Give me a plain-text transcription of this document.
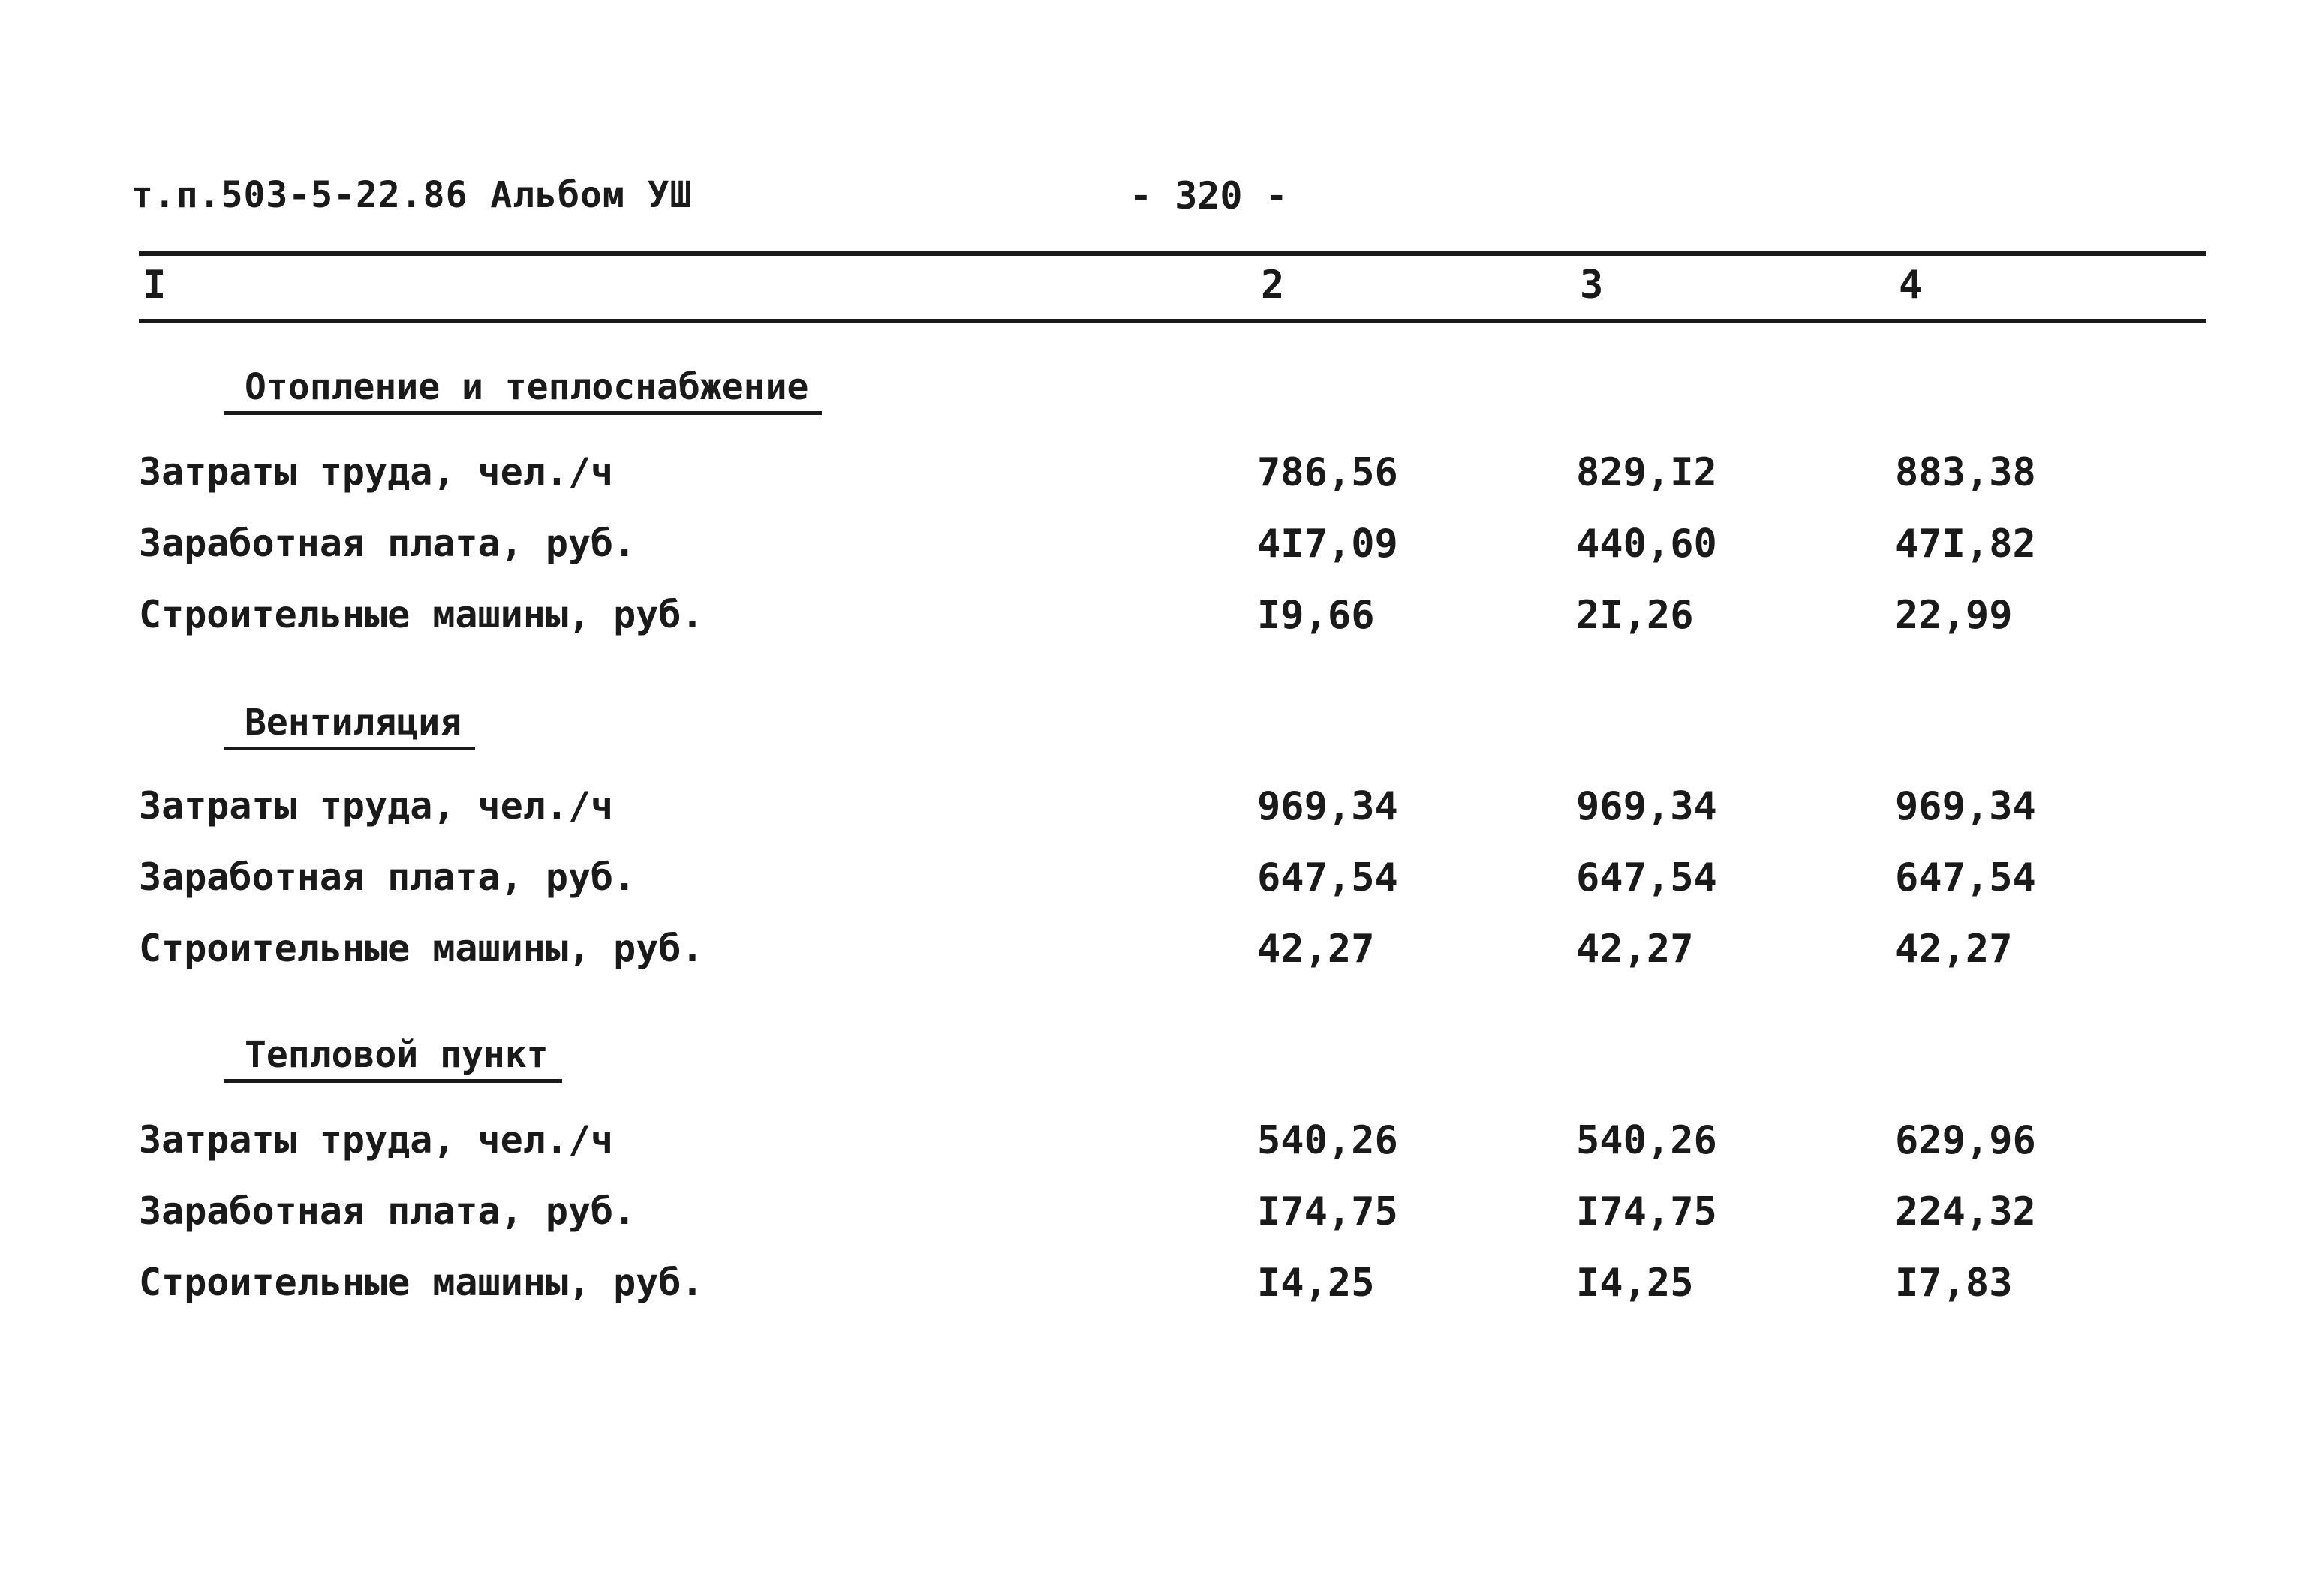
т.п.503-5-22.86 Альбом УШ	- 320 -
I	2	3	4
Отопление и теплоснабжение
Затраты труда, чел./ч	786,56	829,I2	883,38
Заработная плата, руб.	4I7,09	440,60	47I,82
Строительные машины, руб.	I9,66	2I,26	22,99
Вентиляция
Затраты труда, чел./ч	969,34	969,34	969,34
Заработная плата, руб.	647,54	647,54	647,54
Строительные машины, руб.	42,27	42,27	42,27
Тепловой пункт
Затраты труда, чел./ч	540,26	540,26	629,96
Заработная плата, руб.	I74,75	I74,75	224,32
Строительные машины, руб.	I4,25	I4,25	I7,83
